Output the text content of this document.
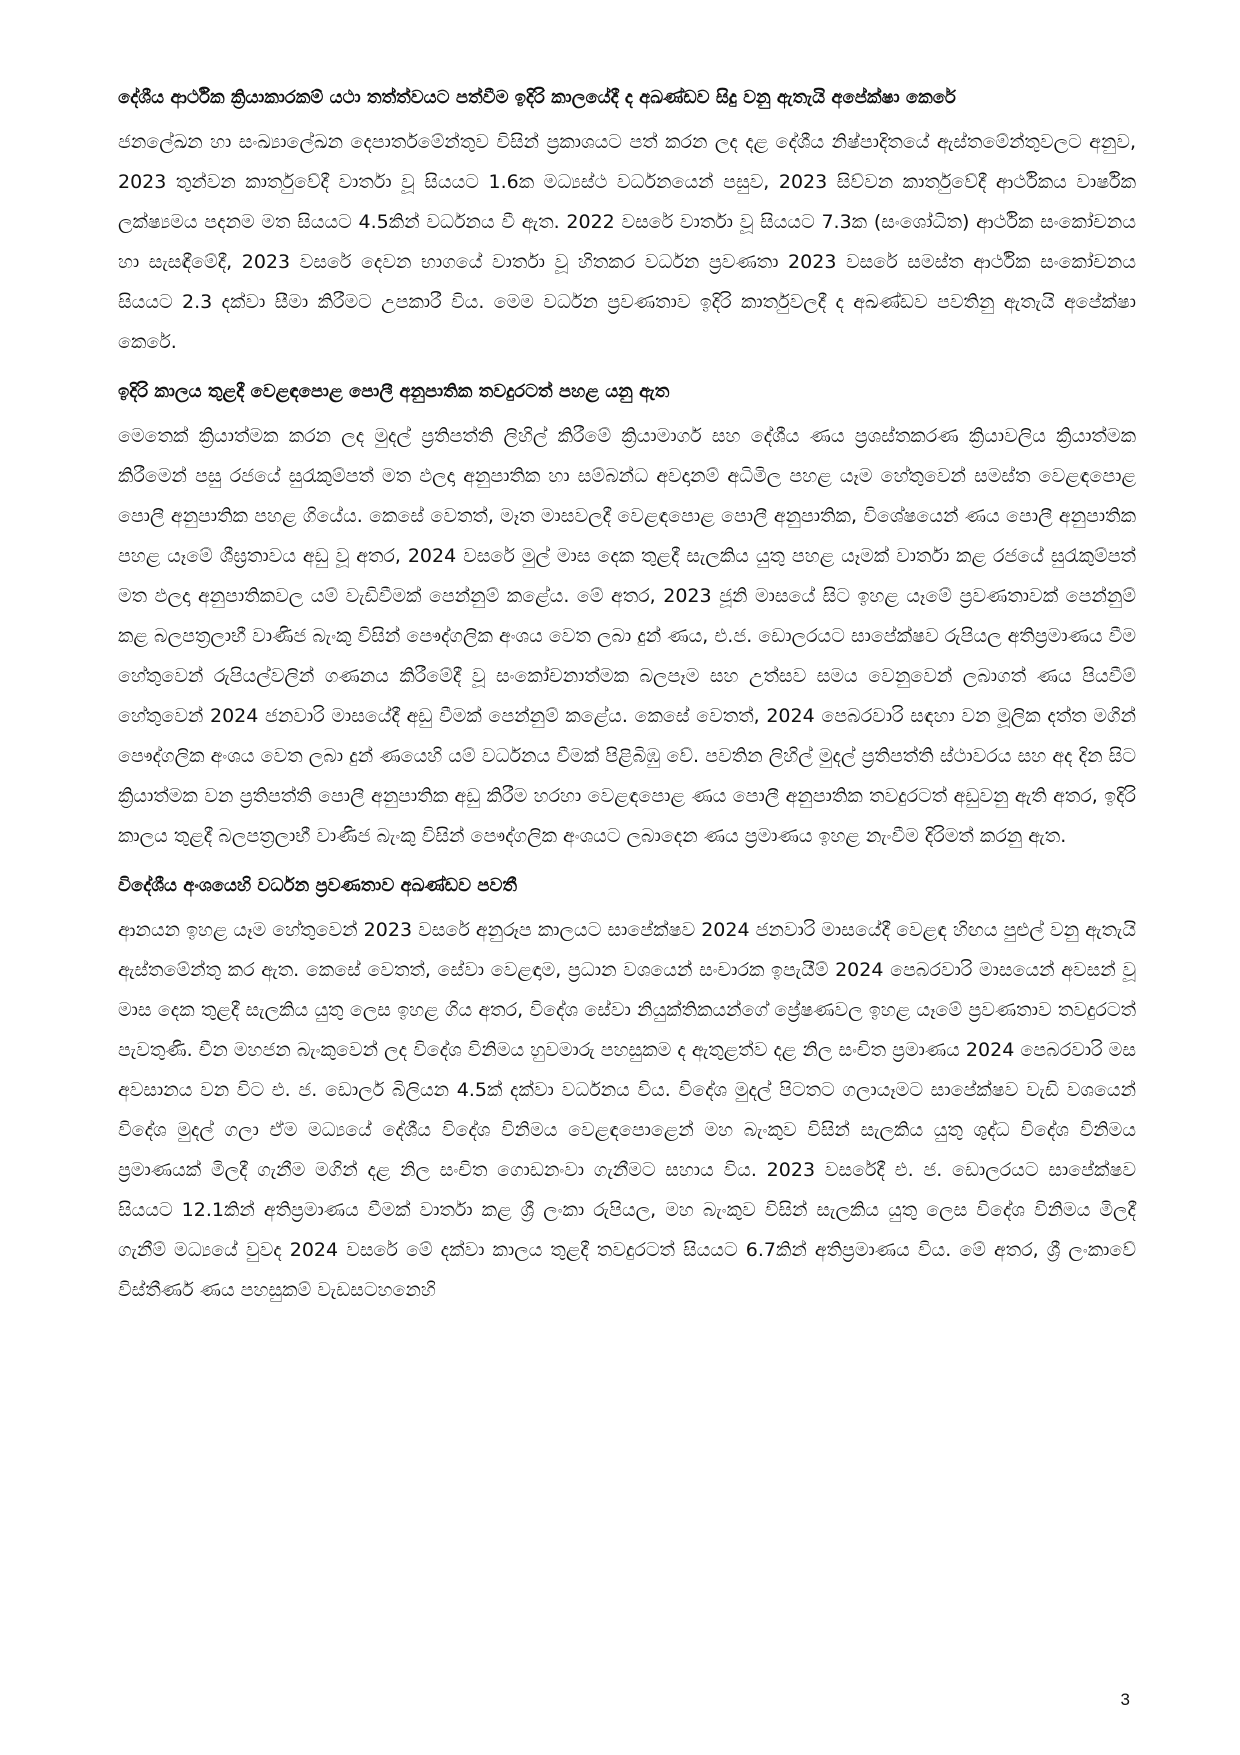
දේශීය ආර්ථික ක්‍රියාකාරකම් යථා තත්ත්වයට පත්වීම ඉදිරි කාලයේදී ද අඛණ්ඩව සිදු වනු ඇතැයි අපේක්ෂා කෙරේ

ජනලේඛන හා සංඛ්‍යාලේඛන දෙපාර්තමේන්තුව විසින් ප්‍රකාශයට පත් කරන ලද දළ දේශීය නිෂ්පාදිතයේ ඇස්තමේන්තුවලට අනුව, 2023 තුන්වන කාර්තුවේදී වාර්තා වූ සියයට 1.6ක මධ්‍යස්ථ වර්ධනයෙන් පසුව, 2023 සිව්වන කාර්තුවේදී ආර්ථිකය වාර්ෂික ලක්ෂ්‍යමය පදනම මත සියයට 4.5කින් වර්ධනය වී ඇත. 2022 වසරේ වාර්තා වූ සියයට 7.3ක (සංශෝධිත) ආර්ථික සංකෝචනය හා සැසඳීමේදී, 2023 වසරේ දෙවන භාගයේ වාර්තා වූ හිතකර වර්ධන ප්‍රවණතා 2023 වසරේ සමස්ත ආර්ථික සංකෝචනය සියයට 2.3 දක්වා සීමා කිරීමට උපකාරී විය. මෙම වර්ධන ප්‍රවණතාව ඉදිරි කාර්තුවලදී ද අඛණ්ඩව පවතිනු ඇතැයි අපේක්ෂා කෙරේ.

ඉදිරි කාලය තුළදී වෙළඳපොළ පොලී අනුපාතික තවදුරටත් පහළ යනු ඇත

මෙතෙක් ක්‍රියාත්මක කරන ලද මුදල් ප්‍රතිපත්ති ලිහිල් කිරීමේ ක්‍රියාමාර්ග සහ දේශීය ණය ප්‍රශස්තකරණ ක්‍රියාවලිය ක්‍රියාත්මක කිරීමෙන් පසු රජයේ සුරැකුම්පත් මත ඵලදා අනුපාතික හා සම්බන්ධ අවදානම් අධිමිල පහළ යෑම හේතුවෙන් සමස්ත වෙළඳපොළ පොලී අනුපාතික පහළ ගියේය. කෙසේ වෙතත්, මෑත මාසවලදී වෙළඳපොළ පොලී අනුපාතික, විශේෂයෙන් ණය පොලී අනුපාතික පහළ යෑමේ ශීඝ්‍රතාවය අඩු වූ අතර, 2024 වසරේ මුල් මාස දෙක තුළදී සැලකිය යුතු පහළ යෑමක් වාර්තා කළ රජයේ සුරැකුම්පත් මත ඵලදා අනුපාතිකවල යම් වැඩිවීමක් පෙන්නුම් කළේය. මේ අතර, 2023 ජූනි මාසයේ සිට ඉහළ යෑමේ ප්‍රවණතාවක් පෙන්නුම් කළ බලපත්‍රලාභී වාණිජ බැංකු විසින් පෞද්ගලික අංශය වෙත ලබා දුන් ණය, එ.ජ. ඩොලරයට සාපේක්ෂව රුපියල අතිප්‍රමාණය වීම හේතුවෙන් රුපියල්වලින් ගණනය කිරීමේදී වූ සංකෝචනාත්මක බලපෑම සහ උත්සව සමය වෙනුවෙන් ලබාගත් ණය පියවීම් හේතුවෙන් 2024 ජනවාරි මාසයේදී අඩු වීමක් පෙන්නුම් කළේය. කෙසේ වෙතත්, 2024 පෙබරවාරි සඳහා වන මූලික දත්ත මගින් පෞද්ගලික අංශය වෙත ලබා දුන් ණයෙහි යම් වර්ධනය වීමක් පිළිබිඹු වේ. පවතින ලිහිල් මුදල් ප්‍රතිපත්ති ස්ථාවරය සහ අද දින සිට ක්‍රියාත්මක වන ප්‍රතිපත්ති පොලී අනුපාතික අඩු කිරීම හරහා වෙළඳපොළ ණය පොලී අනුපාතික තවදුරටත් අඩුවනු ඇති අතර, ඉදිරි කාලය තුළදී බලපත්‍රලාභී වාණිජ බැංකු විසින් පෞද්ගලික අංශයට ලබාදෙන ණය ප්‍රමාණය ඉහළ නැංවීම දිරිමත් කරනු ඇත.

විදේශීය අංශයෙහි වර්ධන ප්‍රවණතාව අඛණ්ඩව පවතී

ආනයන ඉහළ යෑම හේතුවෙන් 2023 වසරේ අනුරූප කාලයට සාපේක්ෂව 2024 ජනවාරි මාසයේදී වෙළඳ හිඟය පුළුල් වනු ඇතැයි ඇස්තමේන්තු කර ඇත. කෙසේ වෙතත්, සේවා වෙළඳාම, ප්‍රධාන වශයෙන් සංචාරක ඉපැයීම් 2024 පෙබරවාරි මාසයෙන් අවසන් වූ මාස දෙක තුළදී සැලකිය යුතු ලෙස ඉහළ ගිය අතර, විදේශ සේවා නියුක්තිකයන්ගේ ප්‍රේෂණවල ඉහළ යෑමේ ප්‍රවණතාව තවදුරටත් පැවතුණි. චීන මහජන බැංකුවෙන් ලද විදේශ විනිමය හුවමාරු පහසුකම ද ඇතුළත්ව දළ නිල සංචිත ප්‍රමාණය 2024 පෙබරවාරි මස අවසානය වන විට එ. ජ. ඩොලර් බිලියන 4.5ක් දක්වා වර්ධනය විය. විදේශ මුදල් පිටතට ගලායෑමට සාපේක්ෂව වැඩි වශයෙන් විදේශ මුදල් ගලා ඒම මධ්‍යයේ දේශීය විදේශ විනිමය වෙළඳපොළෙන් මහ බැංකුව විසින් සැලකිය යුතු ශුද්ධ විදේශ විනිමය ප්‍රමාණයක් මිලදී ගැනීම මගින් දළ නිල සංචිත ගොඩනංවා ගැනීමට සහාය විය. 2023 වසරේදී එ. ජ. ඩොලරයට සාපේක්ෂව සියයට 12.1කින් අතිප්‍රමාණය වීමක් වාර්තා කළ ශ්‍රී ලංකා රුපියල, මහ බැංකුව විසින් සැලකිය යුතු ලෙස විදේශ විනිමය මිලදී ගැනීම් මධ්‍යයේ වුවද 2024 වසරේ මේ දක්වා කාලය තුළදී තවදුරටත් සියයට 6.7කින් අතිප්‍රමාණය විය. මේ අතර, ශ්‍රී ලංකාවේ විස්තීර්ණ ණය පහසුකම් වැඩසටහනෙහි

3
